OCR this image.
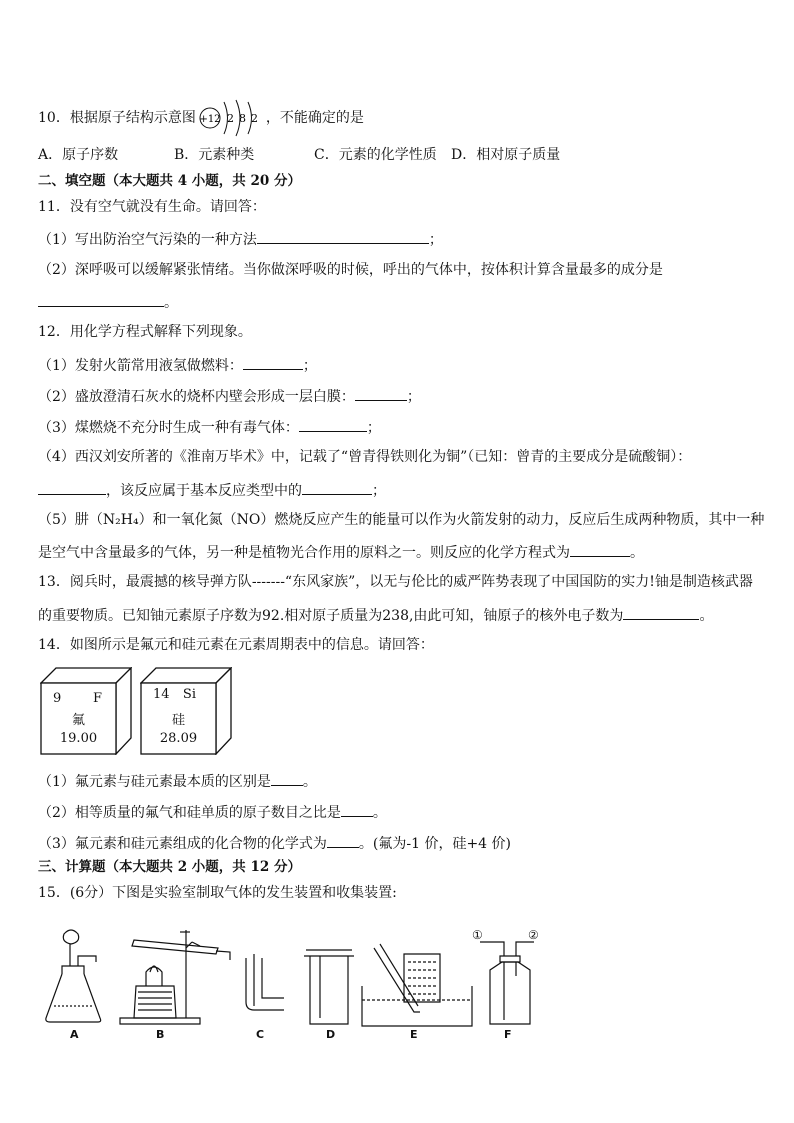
10．根据原子结构示意图 +12 2 8 2 ，不能确定的是
A．原子序数	B．元素种类	C．元素的化学性质 D．相对原子质量
二、填空题（本大题共 4 小题，共 20 分）
11．没有空气就没有生命。请回答：
（1）写出防治空气污染的一种方法	；
（2）深呼吸可以缓解紧张情绪。当你做深呼吸的时候，呼出的气体中，按体积计算含量最多的成分是
。
12．用化学方程式解释下列现象。
（1）发射火箭常用液氢做燃料：	；
（2）盛放澄清石灰水的烧杯内壁会形成一层白膜：	；
（3）煤燃烧不充分时生成一种有毒气体：	；
（4）西汉刘安所著的《淮南万毕术》中，记载了“曾青得铁则化为铜”（已知：曾青的主要成分是硫酸铜）：
，该反应属于基本反应类型中的	；
（5）肼（N₂H₄）和一氧化氮（NO）燃烧反应产生的能量可以作为火箭发射的动力，反应后生成两种物质，其中一种
是空气中含量最多的气体，另一种是植物光合作用的原料之一。则反应的化学方程式为	。
13．阅兵时，最震撼的核导弹方队-------“东风家族”，以无与伦比的威严阵势表现了中国国防的实力!铀是制造核武器
的重要物质。已知铀元素原子序数为92.相对原子质量为238,由此可知，铀原子的核外电子数为	。
14．如图所示是氟元和硅元素在元素周期表中的信息。请回答：
9 F
氟
19.00
14 Si
硅
28.09
（1）氟元素与硅元素最本质的区别是 。
（2）相等质量的氟气和硅单质的原子数目之比是 。
（3）氟元素和硅元素组成的化合物的化学式为 。(氟为-1 价，硅+4 价)
三、计算题（本大题共 2 小题，共 12 分）
15．(6分）下图是实验室制取气体的发生装置和收集装置:
A	B	C	D	E	F
①	②
